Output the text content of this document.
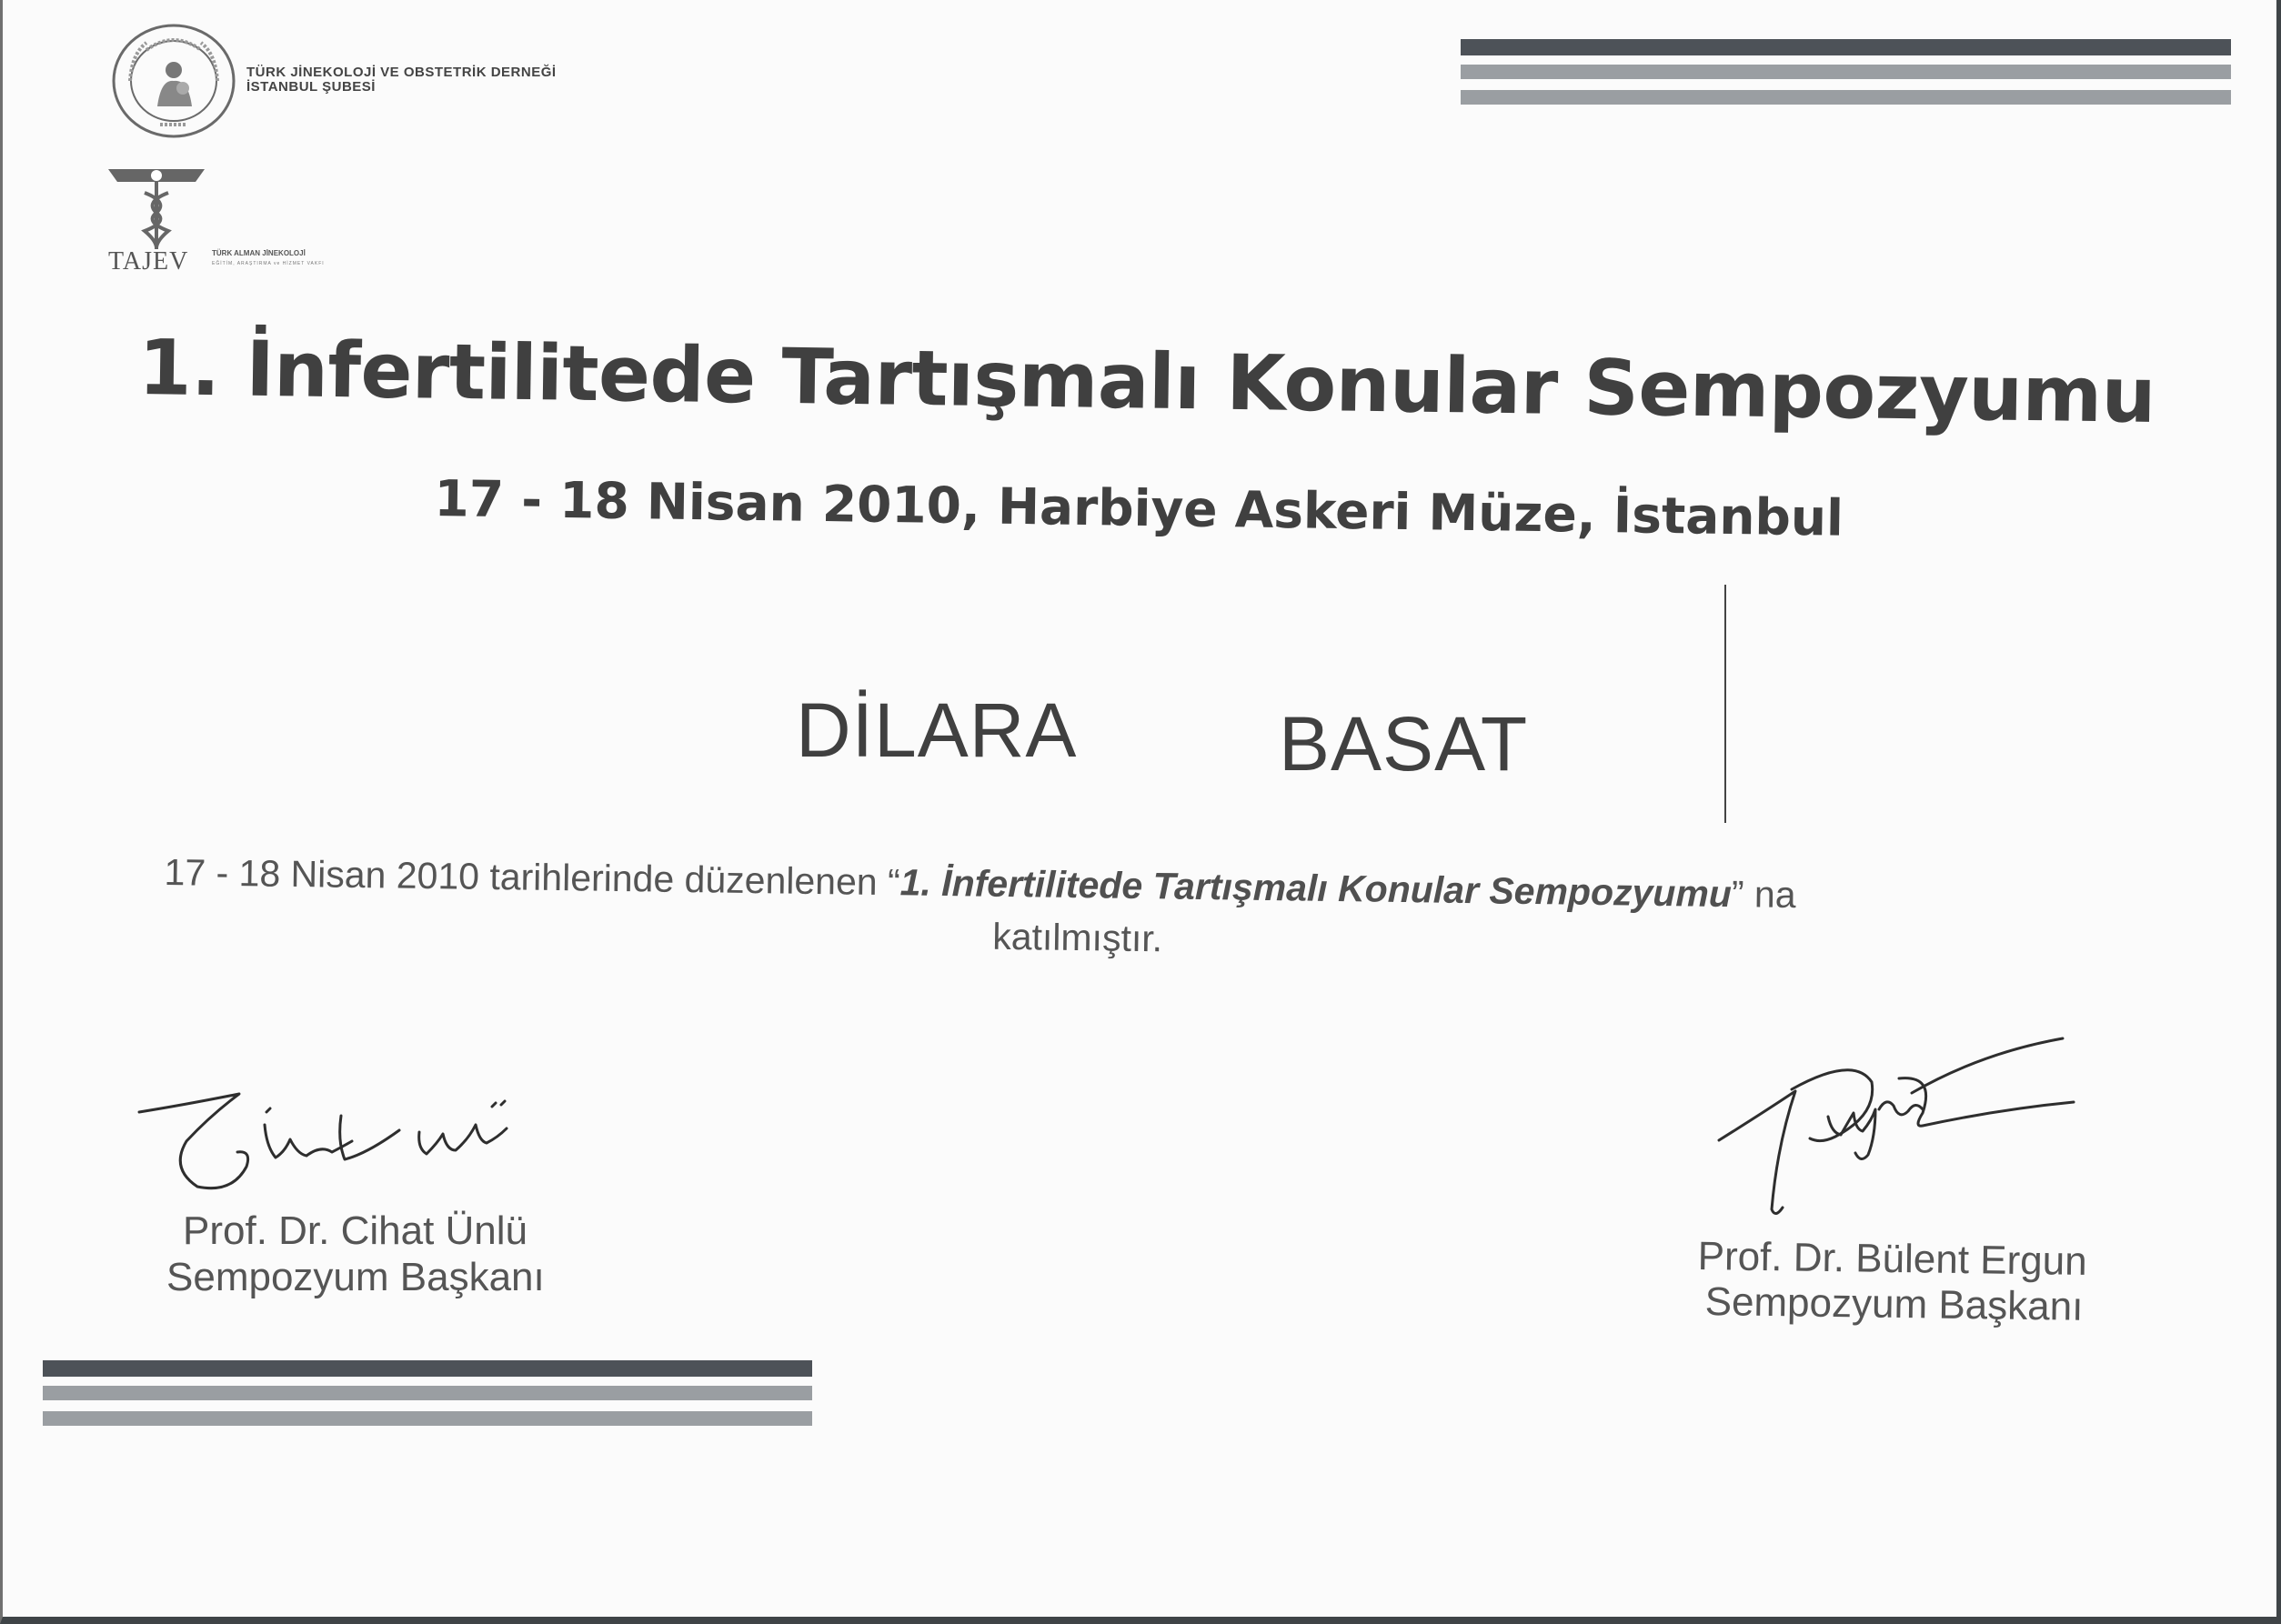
TÜRK JİNEKOLOJİ VE OBSTETRİK DERNEĞİ
İSTANBUL ŞUBESİ
TAJEV	TÜRK ALMAN JİNEKOLOJİ
EĞİTİM, ARAŞTIRMA ve HİZMET VAKFI
1. İnfertilitede Tartışmalı Konular Sempozyumu
17 - 18 Nisan 2010, Harbiye Askeri Müze, İstanbul
DİLARA	BASAT
17 - 18 Nisan 2010 tarihlerinde düzenlenen “1. İnfertilitede Tartışmalı Konular Sempozyumu” na
katılmıştır.
Prof. Dr. Cihat Ünlü
Sempozyum Başkanı	Prof. Dr. Bülent Ergun
Sempozyum Başkanı
